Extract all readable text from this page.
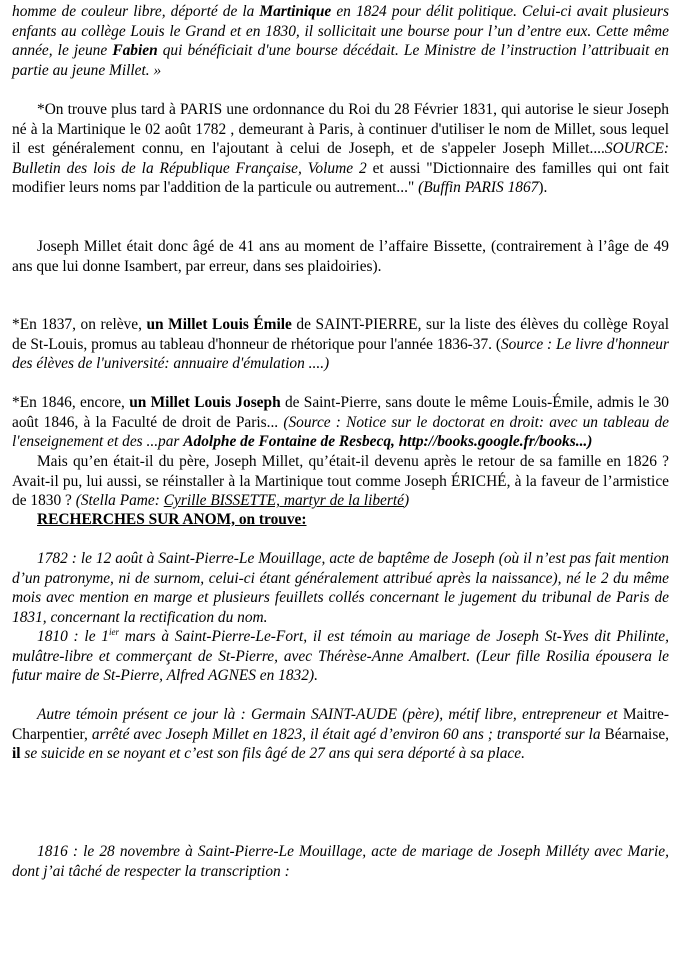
homme de couleur libre, déporté de la Martinique en 1824 pour délit politique. Celui-ci avait plusieurs enfants au collège Louis le Grand et en 1830, il sollicitait une bourse pour l’un d’entre eux. Cette même année, le jeune Fabien qui bénéficiait d'une bourse décédait. Le Ministre de l’instruction l’attribuait en partie au jeune Millet. »

*On trouve plus tard à PARIS une ordonnance du Roi du 28 Février 1831, qui autorise le sieur Joseph né à la Martinique le 02 août 1782 , demeurant à Paris, à continuer d'utiliser le nom de Millet, sous lequel il est généralement connu, en l'ajoutant à celui de Joseph, et de s'appeler Joseph Millet....SOURCE: Bulletin des lois de la République Française, Volume 2 et aussi "Dictionnaire des familles qui ont fait modifier leurs noms par l'addition de la particule ou autrement..." (Buffin PARIS 1867).

Joseph Millet était donc âgé de 41 ans au moment de l’affaire Bissette, (contrairement à l’âge de 49 ans que lui donne Isambert, par erreur, dans ses plaidoiries).

*En 1837, on relève, un Millet Louis Émile de SAINT-PIERRE, sur la liste des élèves du collège Royal de St-Louis, promus au tableau d'honneur de rhétorique pour l'année 1836-37. (Source : Le livre d'honneur des élèves de l'université: annuaire d'émulation ....)

*En 1846, encore, un Millet Louis Joseph de Saint-Pierre, sans doute le même Louis-Émile, admis le 30 août 1846, à la Faculté de droit de Paris... (Source : Notice sur le doctorat en droit: avec un tableau de l'enseignement et des ...par Adolphe de Fontaine de Resbecq, http://books.google.fr/books...)

Mais qu’en était-il du père, Joseph Millet, qu’était-il devenu après le retour de sa famille en 1826 ? Avait-il pu, lui aussi, se réinstaller à la Martinique tout comme Joseph ÉRICHÉ, à la faveur de l’armistice de 1830 ? (Stella Pame: Cyrille BISSETTE, martyr de la liberté)

RECHERCHES SUR ANOM, on trouve:

1782 : le 12 août à Saint-Pierre-Le Mouillage, acte de baptême de Joseph (où il n’est pas fait mention d’un patronyme, ni de surnom, celui-ci étant généralement attribué après la naissance), né le 2 du même mois avec mention en marge et plusieurs feuillets collés concernant le jugement du tribunal de Paris de 1831, concernant la rectification du nom.

1810 : le $1^{ier}$ mars à Saint-Pierre-Le-Fort, il est témoin au mariage de Joseph St-Yves dit Philinte, mulâtre-libre et commerçant de St-Pierre, avec Thérèse-Anne Amalbert. (Leur fille Rosilia épousera le futur maire de St-Pierre, Alfred AGNES en 1832).

Autre témoin présent ce jour là : Germain SAINT-AUDE (père), métif libre, entrepreneur et Maitre-Charpentier, arrêté avec Joseph Millet en 1823, il était agé d’environ 60 ans ; transporté sur la Béarnaise, il se suicide en se noyant et c’est son fils âgé de 27 ans qui sera déporté à sa place.

1816 : le 28 novembre à Saint-Pierre-Le Mouillage, acte de mariage de Joseph Milléty avec Marie, dont j’ai tâché de respecter la transcription :
